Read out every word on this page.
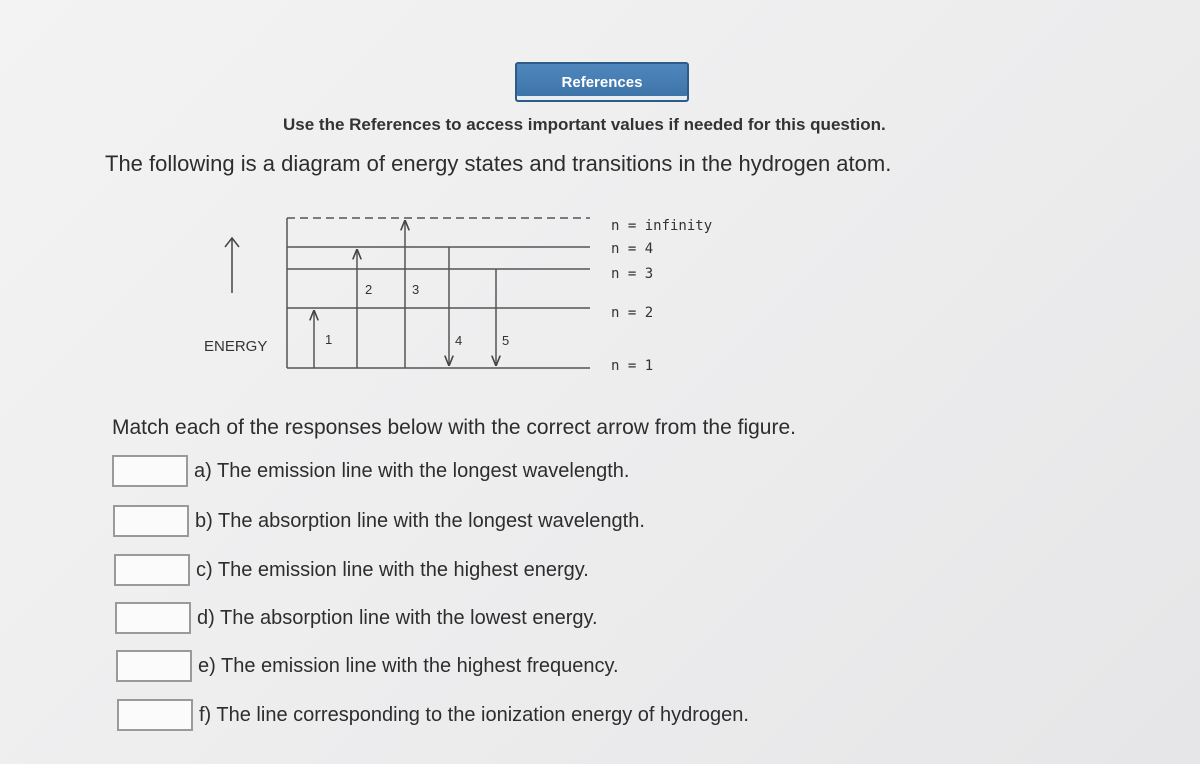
References
Use the References to access important values if needed for this question.
The following is a diagram of energy states and transitions in the hydrogen atom.
ENERGY	1
2	3
4	5
n = infinity
n = 4
n = 3
n = 2
n = 1
Match each of the responses below with the correct arrow from the figure.
a) The emission line with the longest wavelength.
b) The absorption line with the longest wavelength.
c) The emission line with the highest energy.
d) The absorption line with the lowest energy.
e) The emission line with the highest frequency.
f) The line corresponding to the ionization energy of hydrogen.
